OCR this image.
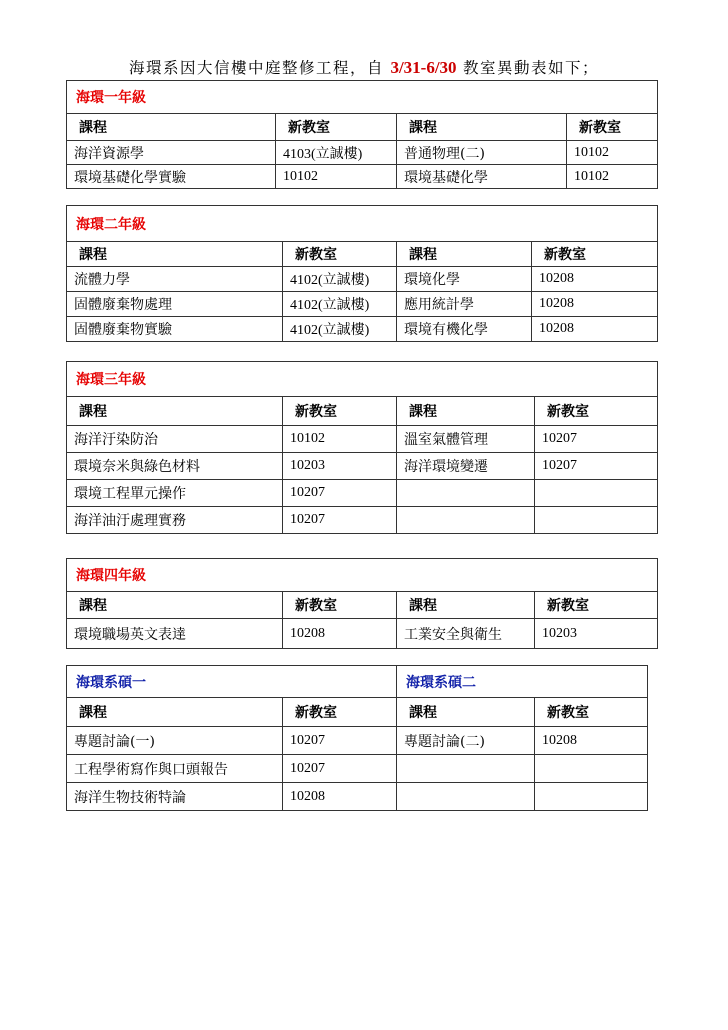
海環系因大信樓中庭整修工程，自 3/31-6/30 教室異動表如下；
海環一年級			
課程	新教室	課程	新教室
海洋資源學	4103(立誠樓)	普通物理(二)	10102
環境基礎化學實驗	10102	環境基礎化學	10102
海環二年級			
課程	新教室	課程	新教室
流體力學	4102(立誠樓)	環境化學	10208
固體廢棄物處理	4102(立誠樓)	應用統計學	10208
固體廢棄物實驗	4102(立誠樓)	環境有機化學	10208
海環三年級			
課程	新教室	課程	新教室
海洋汙染防治	10102	溫室氣體管理	10207
環境奈米與綠色材料	10203	海洋環境變遷	10207
環境工程單元操作	10207		
海洋油汙處理實務	10207		
海環四年級			
課程	新教室	課程	新教室
環境職場英文表達	10208	工業安全與衛生	10203
海環系碩一		海環系碩二	
課程	新教室	課程	新教室
專題討論(一)	10207	專題討論(二)	10208
工程學術寫作與口頭報告	10207		
海洋生物技術特論	10208		
